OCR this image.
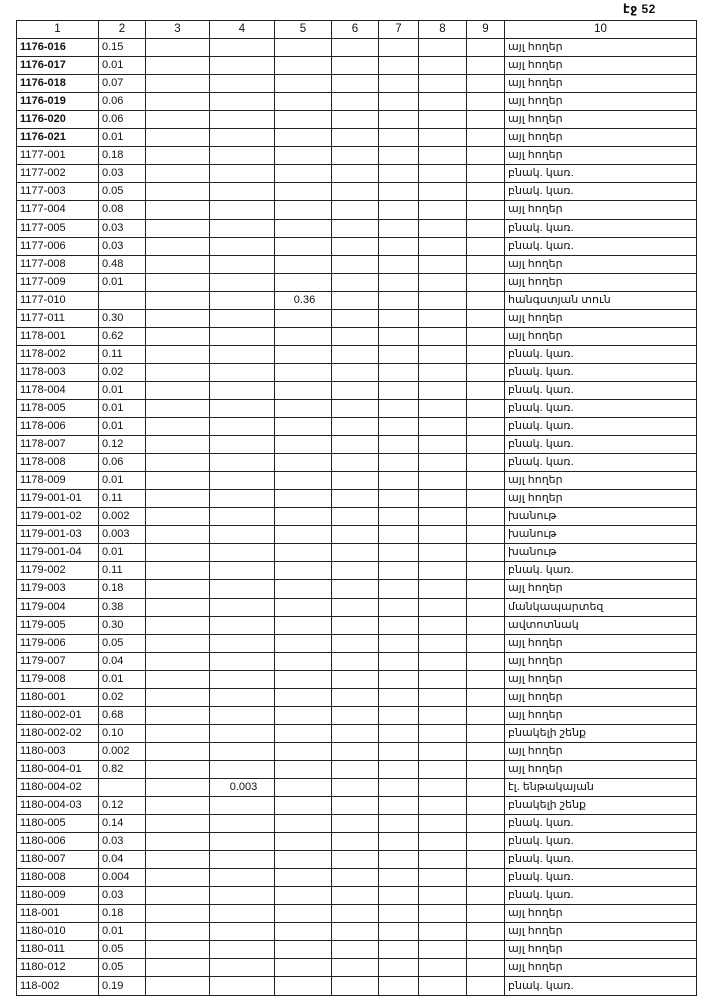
էջ 52
1	2	3	4	5	6	7	8	9	10
1176-016	0.15								այլ հողեր
1176-017	0.01								այլ հողեր
1176-018	0.07								այլ հողեր
1176-019	0.06								այլ հողեր
1176-020	0.06								այլ հողեր
1176-021	0.01								այլ հողեր
1177-001	0.18								այլ հողեր
1177-002	0.03								բնակ. կառ.
1177-003	0.05								բնակ. կառ.
1177-004	0.08								այլ հողեր
1177-005	0.03								բնակ. կառ.
1177-006	0.03								բնակ. կառ.
1177-008	0.48								այլ հողեր
1177-009	0.01								այլ հողեր
1177-010				0.36					հանգստյան տուն
1177-011	0.30								այլ հողեր
1178-001	0.62								այլ հողեր
1178-002	0.11								բնակ. կառ.
1178-003	0.02								բնակ. կառ.
1178-004	0.01								բնակ. կառ.
1178-005	0.01								բնակ. կառ.
1178-006	0.01								բնակ. կառ.
1178-007	0.12								բնակ. կառ.
1178-008	0.06								բնակ. կառ.
1178-009	0.01								այլ հողեր
1179-001-01	0.11								այլ հողեր
1179-001-02	0.002								խանութ
1179-001-03	0.003								խանութ
1179-001-04	0.01								խանութ
1179-002	0.11								բնակ. կառ.
1179-003	0.18								այլ հողեր
1179-004	0.38								մանկապարտեզ
1179-005	0.30								ավտոտնակ
1179-006	0.05								այլ հողեր
1179-007	0.04								այլ հողեր
1179-008	0.01								այլ հողեր
1180-001	0.02								այլ հողեր
1180-002-01	0.68								այլ հողեր
1180-002-02	0.10								բնակելի շենք
1180-003	0.002								այլ հողեր
1180-004-01	0.82								այլ հողեր
1180-004-02			0.003						էլ. ենթակայան
1180-004-03	0.12								բնակելի շենք
1180-005	0.14								բնակ. կառ.
1180-006	0.03								բնակ. կառ.
1180-007	0.04								բնակ. կառ.
1180-008	0.004								բնակ. կառ.
1180-009	0.03								բնակ. կառ.
118-001	0.18								այլ հողեր
1180-010	0.01								այլ հողեր
1180-011	0.05								այլ հողեր
1180-012	0.05								այլ հողեր
118-002	0.19								բնակ. կառ.
